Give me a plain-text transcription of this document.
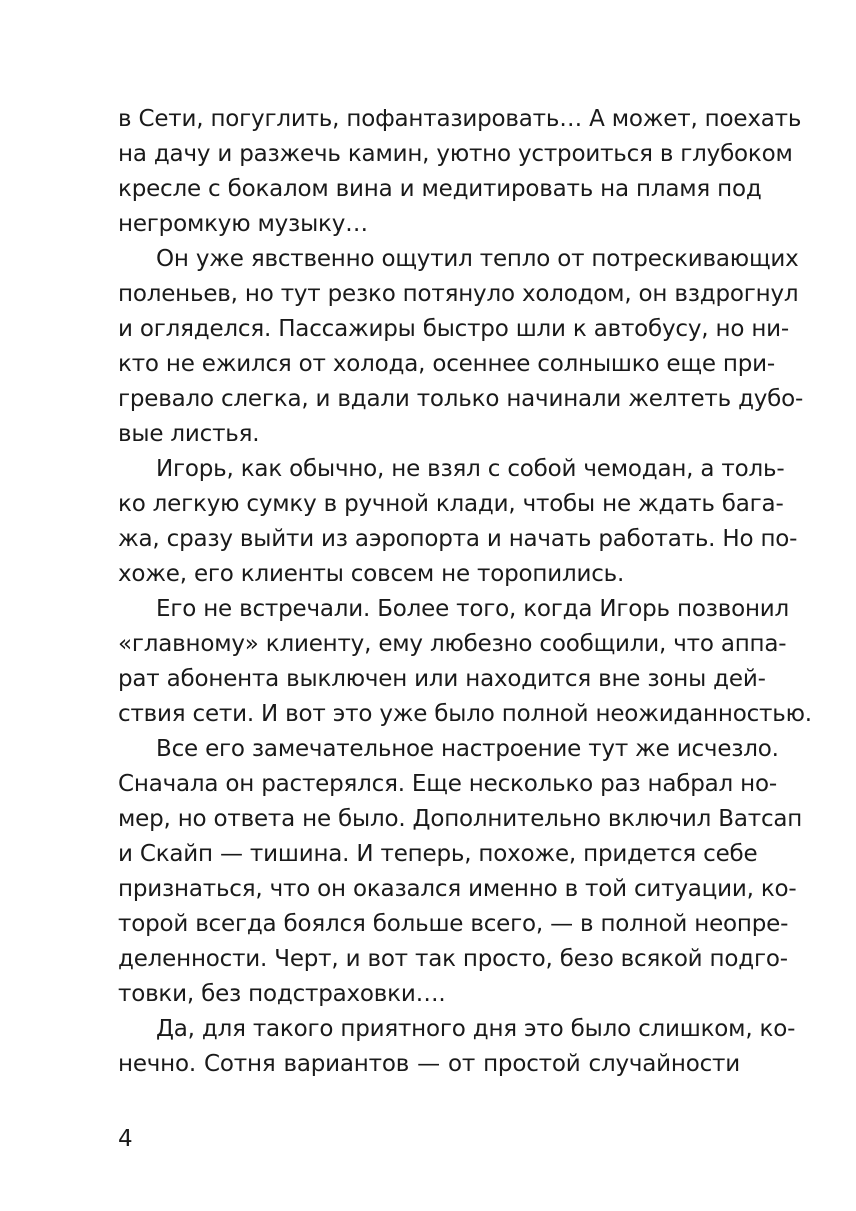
в Сети, погуглить, пофантазировать… А может, поехать
на дачу и разжечь камин, уютно устроиться в глубоком
кресле с бокалом вина и медитировать на пламя под
негромкую музыку…
Он уже явственно ощутил тепло от потрескивающих
поленьев, но тут резко потянуло холодом, он вздрогнул
и огляделся. Пассажиры быстро шли к автобусу, но ни-
кто не ежился от холода, осеннее солнышко еще при-
гревало слегка, и вдали только начинали желтеть дубо-
вые листья.
Игорь, как обычно, не взял с собой чемодан, а толь-
ко легкую сумку в ручной клади, чтобы не ждать бага-
жа, сразу выйти из аэропорта и начать работать. Но по-
хоже, его клиенты совсем не торопились.
Его не встречали. Более того, когда Игорь позвонил
«главному» клиенту, ему любезно сообщили, что аппа-
рат абонента выключен или находится вне зоны дей-
ствия сети. И вот это уже было полной неожиданностью.
Все его замечательное настроение тут же исчезло.
Сначала он растерялся. Еще несколько раз набрал но-
мер, но ответа не было. Дополнительно включил Ватсап
и Скайп — тишина. И теперь, похоже, придется себе
признаться, что он оказался именно в той ситуации, ко-
торой всегда боялся больше всего, — в полной неопре-
деленности. Черт, и вот так просто, безо всякой подго-
товки, без подстраховки….
Да, для такого приятного дня это было слишком, ко-
нечно. Сотня вариантов — от простой случайности
4
